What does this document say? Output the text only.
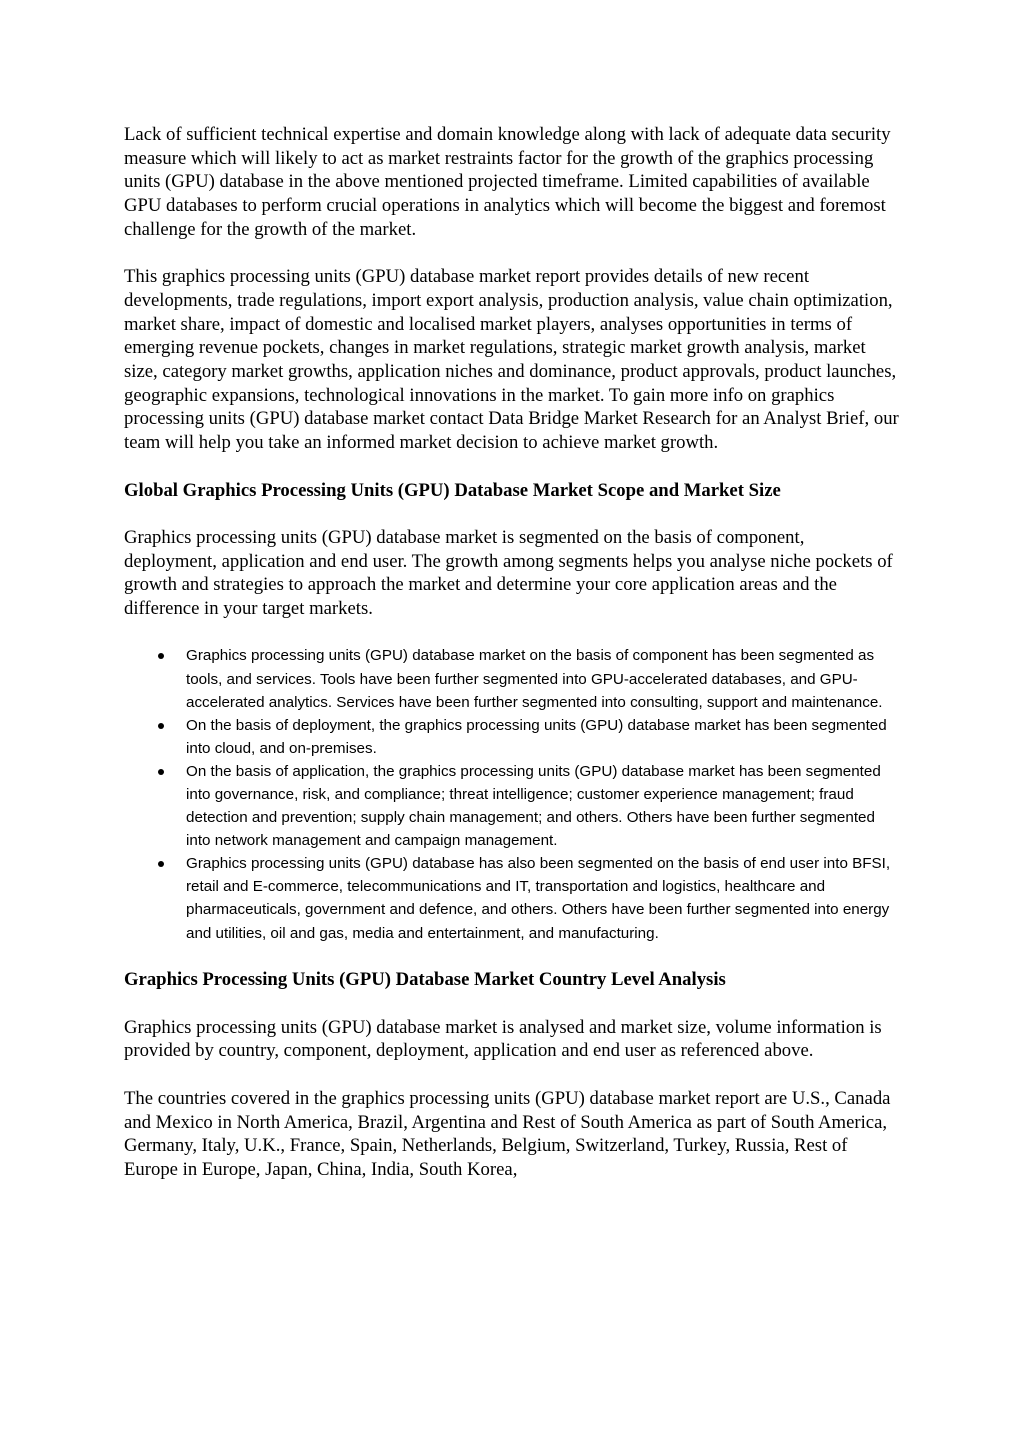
Lack of sufficient technical expertise and domain knowledge along with lack of adequate data security measure which will likely to act as market restraints factor for the growth of the graphics processing units (GPU) database in the above mentioned projected timeframe. Limited capabilities of available GPU databases to perform crucial operations in analytics which will become the biggest and foremost challenge for the growth of the market.

This graphics processing units (GPU) database market report provides details of new recent developments, trade regulations, import export analysis, production analysis, value chain optimization, market share, impact of domestic and localised market players, analyses opportunities in terms of emerging revenue pockets, changes in market regulations, strategic market growth analysis, market size, category market growths, application niches and dominance, product approvals, product launches, geographic expansions, technological innovations in the market. To gain more info on graphics processing units (GPU) database market contact Data Bridge Market Research for an Analyst Brief, our team will help you take an informed market decision to achieve market growth.

Global Graphics Processing Units (GPU) Database Market Scope and Market Size

Graphics processing units (GPU) database market is segmented on the basis of component, deployment, application and end user. The growth among segments helps you analyse niche pockets of growth and strategies to approach the market and determine your core application areas and the difference in your target markets.

Graphics processing units (GPU) database market on the basis of component has been segmented as tools, and services. Tools have been further segmented into GPU-accelerated databases, and GPU-accelerated analytics. Services have been further segmented into consulting, support and maintenance.
On the basis of deployment, the graphics processing units (GPU) database market has been segmented into cloud, and on-premises.
On the basis of application, the graphics processing units (GPU) database market has been segmented into governance, risk, and compliance; threat intelligence; customer experience management; fraud detection and prevention; supply chain management; and others. Others have been further segmented into network management and campaign management.
Graphics processing units (GPU) database has also been segmented on the basis of end user into BFSI, retail and E-commerce, telecommunications and IT, transportation and logistics, healthcare and pharmaceuticals, government and defence, and others. Others have been further segmented into energy and utilities, oil and gas, media and entertainment, and manufacturing.
Graphics Processing Units (GPU) Database Market Country Level Analysis

Graphics processing units (GPU) database market is analysed and market size, volume information is provided by country, component, deployment, application and end user as referenced above.

The countries covered in the graphics processing units (GPU) database market report are U.S., Canada and Mexico in North America, Brazil, Argentina and Rest of South America as part of South America, Germany, Italy, U.K., France, Spain, Netherlands, Belgium, Switzerland, Turkey, Russia, Rest of Europe in Europe, Japan, China, India, South Korea,
